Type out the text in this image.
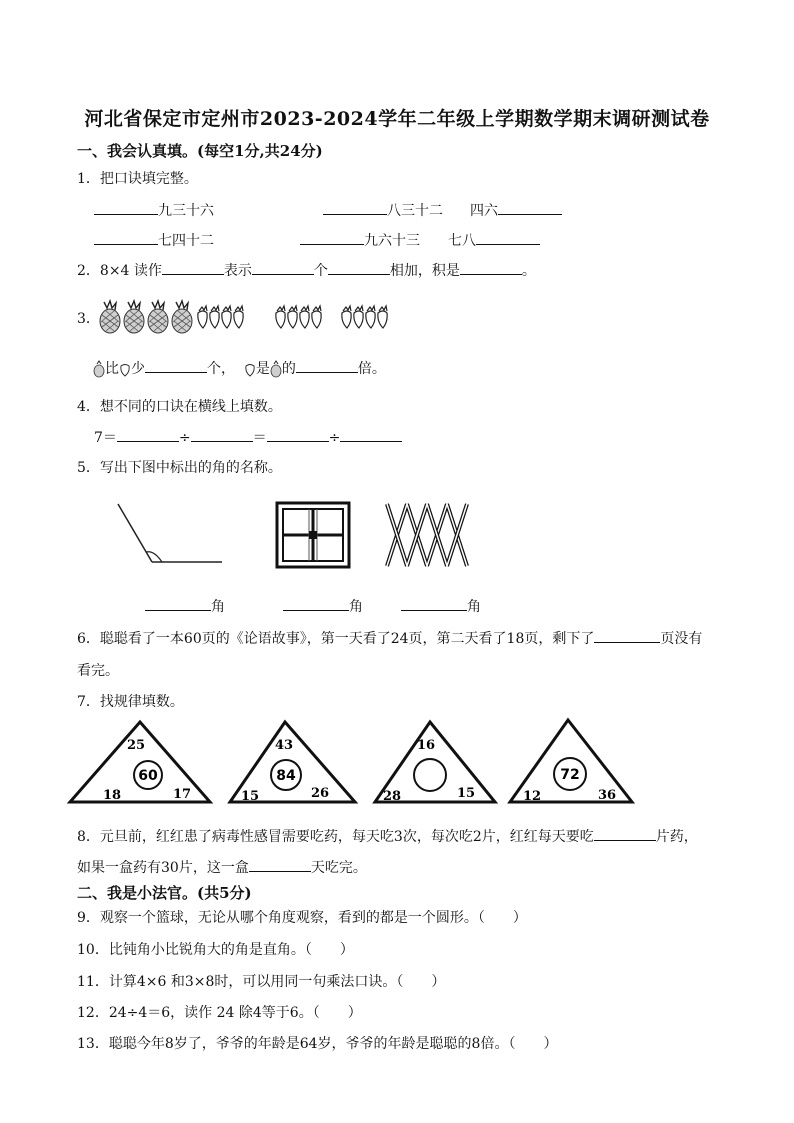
河北省保定市定州市2023-2024学年二年级上学期数学期末调研测试卷
一、我会认真填。(每空1分,共24分)
1．把口诀填完整。
九三十六	八三十二 四六
七四十二	九六十三 七八
2．8×4 读作	表示	个	相加，积是	。
3．
比 少	个， 是 的	倍。
4．想不同的口诀在横线上填数。
7＝	÷	＝	÷
5．写出下图中标出的角的名称。
角	角	角
6．聪聪看了一本60页的《论语故事》，第一天看了24页，第二天看了18页，剩下了	页没有
看完。
7．找规律填数。
25
60
18	17
43
84
15	26
16
28	15
72
12	36
8．元旦前，红红患了病毒性感冒需要吃药，每天吃3次，每次吃2片，红红每天要吃	片药，
如果一盒药有30片，这一盒	天吃完。
二、我是小法官。(共5分)
9．观察一个篮球，无论从哪个角度观察，看到的都是一个圆形。（　　）
10．比钝角小比锐角大的角是直角。（　　）
11．计算4×6 和3×8时，可以用同一句乘法口诀。（　　）
12．24÷4＝6，读作 24 除4等于6。（　　）
13．聪聪今年8岁了，爷爷的年龄是64岁，爷爷的年龄是聪聪的8倍。（　　）
